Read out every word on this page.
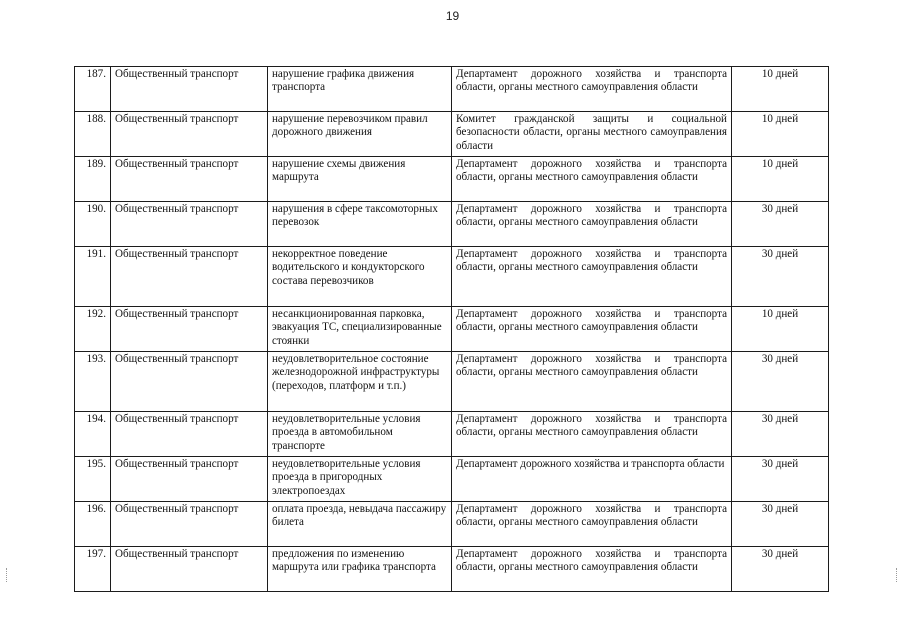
19
187.	Общественный транспорт	нарушение графика движения транспорта	Департамент дорожного хозяйства и транспорта области, органы местного самоуправления области	10 дней
188.	Общественный транспорт	нарушение перевозчиком правил дорожного движения	Комитет гражданской защиты и социальной безопасности области, органы местного самоуправления области	10 дней
189.	Общественный транспорт	нарушение схемы движения маршрута	Департамент дорожного хозяйства и транспорта области, органы местного самоуправления области	10 дней
190.	Общественный транспорт	нарушения в сфере таксомоторных перевозок	Департамент дорожного хозяйства и транспорта области, органы местного самоуправления области	30 дней
191.	Общественный транспорт	некорректное поведение водительского и кондукторского состава перевозчиков	Департамент дорожного хозяйства и транспорта области, органы местного самоуправления области	30 дней
192.	Общественный транспорт	несанкционированная парковка, эвакуация ТС, специализированные стоянки	Департамент дорожного хозяйства и транспорта области, органы местного самоуправления области	10 дней
193.	Общественный транспорт	неудовлетворительное состояние железнодорожной инфраструктуры (переходов, платформ и т.п.)	Департамент дорожного хозяйства и транспорта области, органы местного самоуправления области	30 дней
194.	Общественный транспорт	неудовлетворительные условия проезда в автомобильном транспорте	Департамент дорожного хозяйства и транспорта области, органы местного самоуправления области	30 дней
195.	Общественный транспорт	неудовлетворительные условия проезда в пригородных электропоездах	Департамент дорожного хозяйства и транспорта области	30 дней
196.	Общественный транспорт	оплата проезда, невыдача пассажиру билета	Департамент дорожного хозяйства и транспорта области, органы местного самоуправления области	30 дней
197.	Общественный транспорт	предложения по изменению маршрута или графика транспорта	Департамент дорожного хозяйства и транспорта области, органы местного самоуправления области	30 дней
